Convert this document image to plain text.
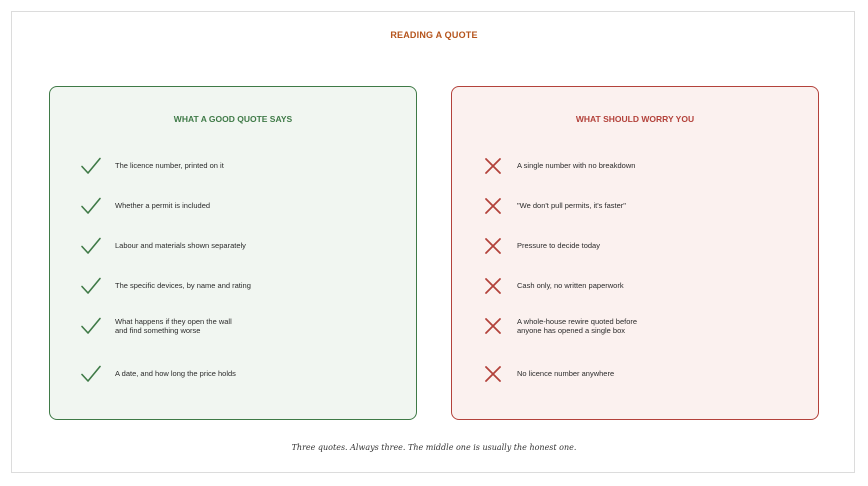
READING A QUOTE
WHAT A GOOD QUOTE SAYS
The licence number, printed on it
Whether a permit is included
Labour and materials shown separately
The specific devices, by name and rating
What happens if they open the wall
and find something worse
A date, and how long the price holds
WHAT SHOULD WORRY YOU
A single number with no breakdown
"We don't pull permits, it's faster"
Pressure to decide today
Cash only, no written paperwork
A whole-house rewire quoted before
anyone has opened a single box
No licence number anywhere
Three quotes. Always three. The middle one is usually the honest one.
